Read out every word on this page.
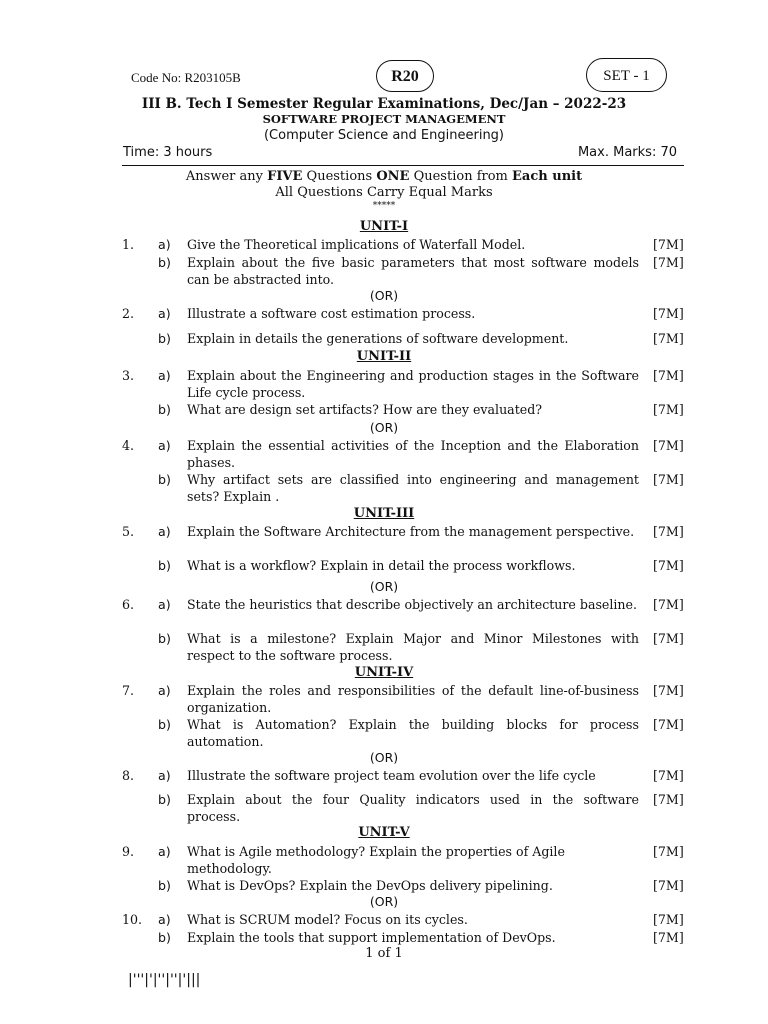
Code No: R203105B	R20	SET - 1
III B. Tech I Semester Regular Examinations, Dec/Jan – 2022-23
SOFTWARE PROJECT MANAGEMENT
(Computer Science and Engineering)
Time: 3 hours	Max. Marks: 70
Answer any FIVE Questions ONE Question from Each unit
All Questions Carry Equal Marks
*****
UNIT-I
1.	a) Give the Theoretical implications of Waterfall Model.	[7M]
b) Explain about the five basic parameters that most software models can be abstracted into.
[7M]
(OR)
2.	a) Illustrate a software cost estimation process.	[7M]
b) Explain in details the generations of software development.	[7M]
UNIT-II
3.	a) Explain about the Engineering and production stages in the Software Life cycle process.
[7M]
b) What are design set artifacts? How are they evaluated?	[7M]
(OR)
4.	a) Explain the essential activities of the Inception and the Elaboration phases.
[7M]
b) Why artifact sets are classified into engineering and management sets? Explain .
[7M]
UNIT-III
5.	a) Explain the Software Architecture from the management perspective.	[7M]
b) What is a workflow? Explain in detail the process workflows.	[7M]
(OR)
6.	a) State the heuristics that describe objectively an architecture baseline. [7M]
b) What is a milestone? Explain Major and Minor Milestones with respect to the software process.
[7M]
UNIT-IV
7.	a) Explain the roles and responsibilities of the default line-of-business organization.
[7M]
b) What is Automation? Explain the building blocks for process automation.
[7M]
(OR)
8.	a) Illustrate the software project team evolution over the life cycle	[7M]
b) Explain about the four Quality indicators used in the software process.
[7M]
UNIT-V
9.	a) What is Agile methodology? Explain the properties of Agile methodology.
[7M]
b) What is DevOps? Explain the DevOps delivery pipelining.	[7M]
(OR)
10. a) What is SCRUM model? Focus on its cycles.	[7M]
b) Explain the tools that support implementation of DevOps.	[7M]
1 of 1
|'''|'|''|''|'|||
